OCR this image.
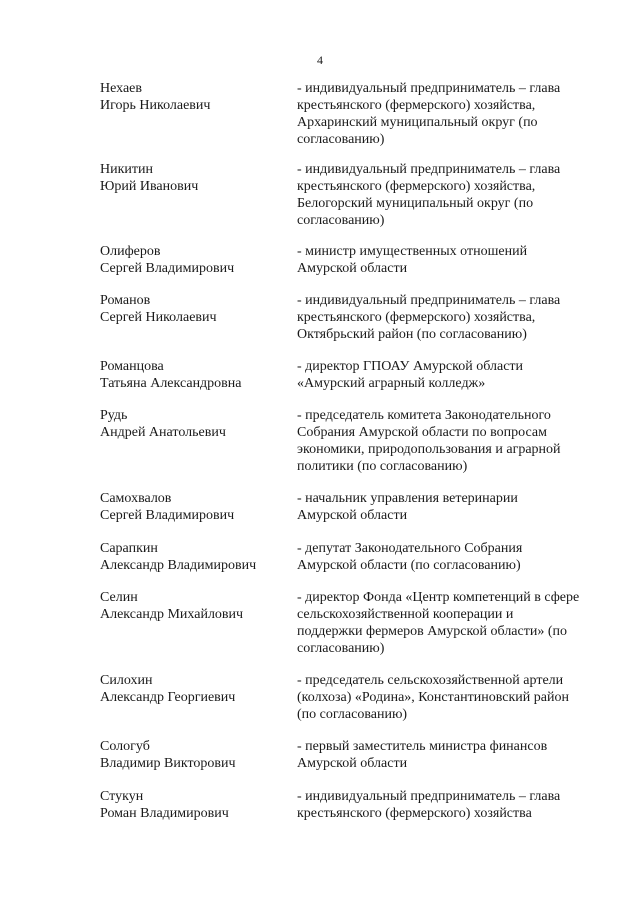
4
Нехаев
Игорь Николаевич
- индивидуальный предприниматель – глава
крестьянского (фермерского) хозяйства,
Архаринский муниципальный округ (по
согласованию)
Никитин
Юрий Иванович
- индивидуальный предприниматель – глава
крестьянского (фермерского) хозяйства,
Белогорский муниципальный округ (по
согласованию)
Олиферов
Сергей Владимирович
- министр имущественных отношений
Амурской области
Романов
Сергей Николаевич
- индивидуальный предприниматель – глава
крестьянского (фермерского) хозяйства,
Октябрьский район (по согласованию)
Романцова
Татьяна Александровна
- директор ГПОАУ Амурской области
«Амурский аграрный колледж»
Рудь
Андрей Анатольевич
- председатель комитета Законодательного
Собрания Амурской области по вопросам
экономики, природопользования и аграрной
политики (по согласованию)
Самохвалов
Сергей Владимирович
- начальник управления ветеринарии
Амурской области
Сарапкин
Александр Владимирович
- депутат Законодательного Собрания
Амурской области (по согласованию)
Селин
Александр Михайлович
- директор Фонда «Центр компетенций в сфере
сельскохозяйственной кооперации и
поддержки фермеров Амурской области» (по
согласованию)
Силохин
Александр Георгиевич
- председатель сельскохозяйственной артели
(колхоза) «Родина», Константиновский район
(по согласованию)
Сологуб
Владимир Викторович
- первый заместитель министра финансов
Амурской области
Стукун
Роман Владимирович
- индивидуальный предприниматель – глава
крестьянского (фермерского) хозяйства
